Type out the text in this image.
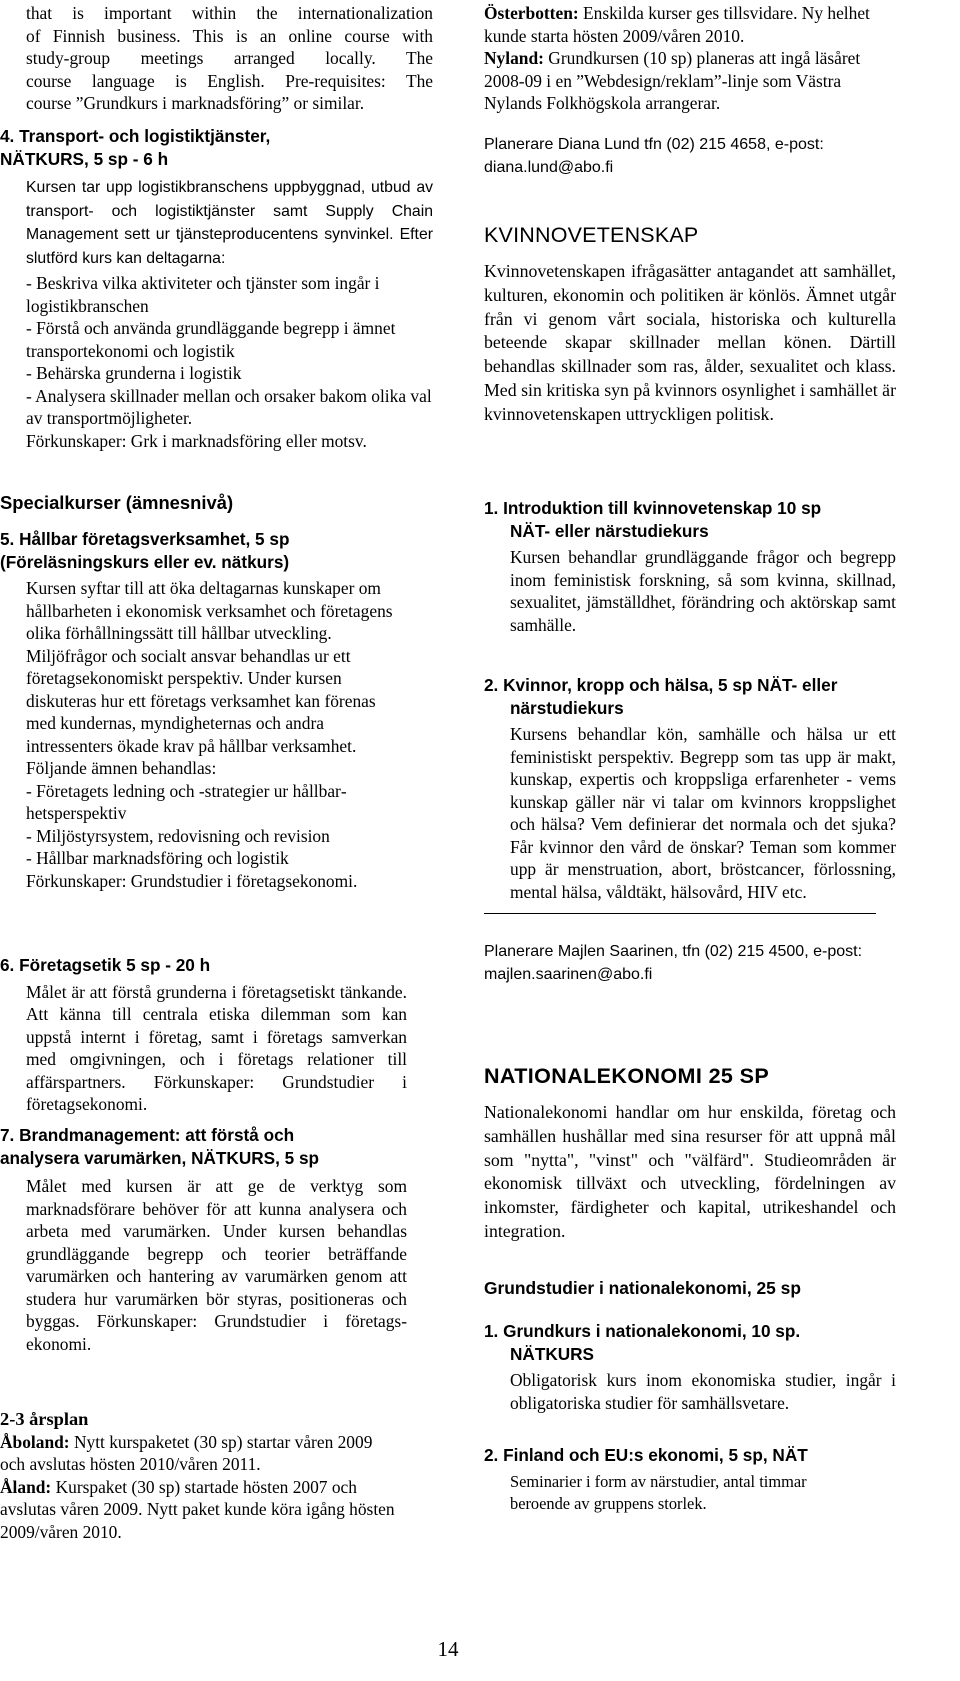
that is important within the internationalization

of Finnish business. This is an online course with

study-group meetings arranged locally. The

course language is English. Pre-requisites: The

course ”Grundkurs i marknadsföring” or similar.

4. Transport- och logistiktjänster,
NÄTKURS, 5 sp - 6 h

Kursen tar upp logistikbranschens uppbyggnad, utbud av transport- och logistiktjänster samt Supply Chain Management sett ur tjänsteproducentens synvinkel. Efter slutförd kurs kan deltagarna:

- Beskriva vilka aktiviteter och tjänster som ingår i logistikbranschen

- Förstå och använda grundläggande begrepp i ämnet transportekonomi och logistik

- Behärska grunderna i logistik

- Analysera skillnader mellan och orsaker bakom olika val av transportmöjligheter.

Förkunskaper: Grk i marknadsföring eller motsv.

Specialkurser (ämnesnivå)

5. Hållbar företagsverksamhet, 5 sp
(Föreläsningskurs eller ev. nätkurs)

Kursen syftar till att öka deltagarnas kunskaper om hållbarheten i ekonomisk verksamhet och företagens olika förhållningssätt till hållbar utveckling. Miljöfrågor och socialt ansvar behandlas ur ett företagsekonomiskt perspektiv. Under kursen diskuteras hur ett företags verksamhet kan förenas med kundernas, myndigheternas och andra intressenters ökade krav på hållbar verksamhet. Följande ämnen behandlas:

- Företagets ledning och -strategier ur hållbarhetsperspektiv

- Miljöstyrsystem, redovisning och revision

- Hållbar marknadsföring och logistik

Förkunskaper: Grundstudier i företagsekonomi.

6. Företagsetik 5 sp - 20 h

Målet är att förstå grunderna i företagsetiskt tänkande. Att känna till centrala etiska dilemman som kan uppstå internt i företag, samt i företags samverkan med omgivningen, och i företags relationer till affärspartners. Förkunskaper: Grundstudier i företagsekonomi.

7. Brandmanagement: att förstå och
analysera varumärken, NÄTKURS, 5 sp

Målet med kursen är att ge de verktyg som marknadsförare behöver för att kunna analysera och arbeta med varumärken. Under kursen behandlas grundläggande begrepp och teorier beträffande varumärken och hantering av varumärken genom att studera hur varumärken bör styras, positioneras och byggas. Förkunskaper: Grundstudier i företags-ekonomi.

2-3 årsplan

Åboland: Nytt kurspaketet (30 sp) startar våren 2009 och avslutas hösten 2010/våren 2011.

Åland: Kurspaket (30 sp) startade hösten 2007 och avslutas våren 2009. Nytt paket kunde köra igång hösten 2009/våren 2010.

Österbotten: Enskilda kurser ges tillsvidare. Ny helhet kunde starta hösten 2009/våren 2010.

Nyland: Grundkursen (10 sp) planeras att ingå läsåret 2008-09 i en ”Webdesign/reklam”-linje som Västra Nylands Folkhögskola arrangerar.

Planerare Diana Lund tfn (02) 215 4658, e-post: diana.lund@abo.fi

KVINNOVETENSKAP

Kvinnovetenskapen ifrågasätter antagandet att samhället, kulturen, ekonomin och politiken är könlös. Ämnet utgår från vi genom vårt sociala, historiska och kulturella beteende skapar skillnader mellan könen. Därtill behandlas skillnader som ras, ålder, sexualitet och klass. Med sin kritiska syn på kvinnors osynlighet i samhället är kvinnovetenskapen uttryckligen politisk.

1. Introduktion till kvinnovetenskap 10 sp
NÄT- eller närstudiekurs

Kursen behandlar grundläggande frågor och begrepp inom feministisk forskning, så som kvinna, skillnad, sexualitet, jämställdhet, förändring och aktörskap samt samhälle.

2. Kvinnor, kropp och hälsa, 5 sp NÄT- eller
närstudiekurs

Kursens behandlar kön, samhälle och hälsa ur ett feministiskt perspektiv. Begrepp som tas upp är makt, kunskap, expertis och kroppsliga erfarenheter - vems kunskap gäller när vi talar om kvinnors kroppslighet och hälsa? Vem definierar det normala och det sjuka? Får kvinnor den vård de önskar? Teman som kommer upp är menstruation, abort, bröstcancer, förlossning, mental hälsa, våldtäkt, hälsovård, HIV etc.

Planerare Majlen Saarinen, tfn (02) 215 4500, e-post: majlen.saarinen@abo.fi

NATIONALEKONOMI 25 SP

Nationalekonomi handlar om hur enskilda, företag och samhällen hushållar med sina resurser för att uppnå mål som "nytta", "vinst" och "välfärd". Studieområden är ekonomisk tillväxt och utveckling, fördelningen av inkomster, färdigheter och kapital, utrikeshandel och integration.

Grundstudier i nationalekonomi, 25 sp

1. Grundkurs i nationalekonomi, 10 sp.
NÄTKURS

Obligatorisk kurs inom ekonomiska studier, ingår i obligatoriska studier för samhällsvetare.

2. Finland och EU:s ekonomi, 5 sp, NÄT

Seminarier i form av närstudier, antal timmar beroende av gruppens storlek.

14
